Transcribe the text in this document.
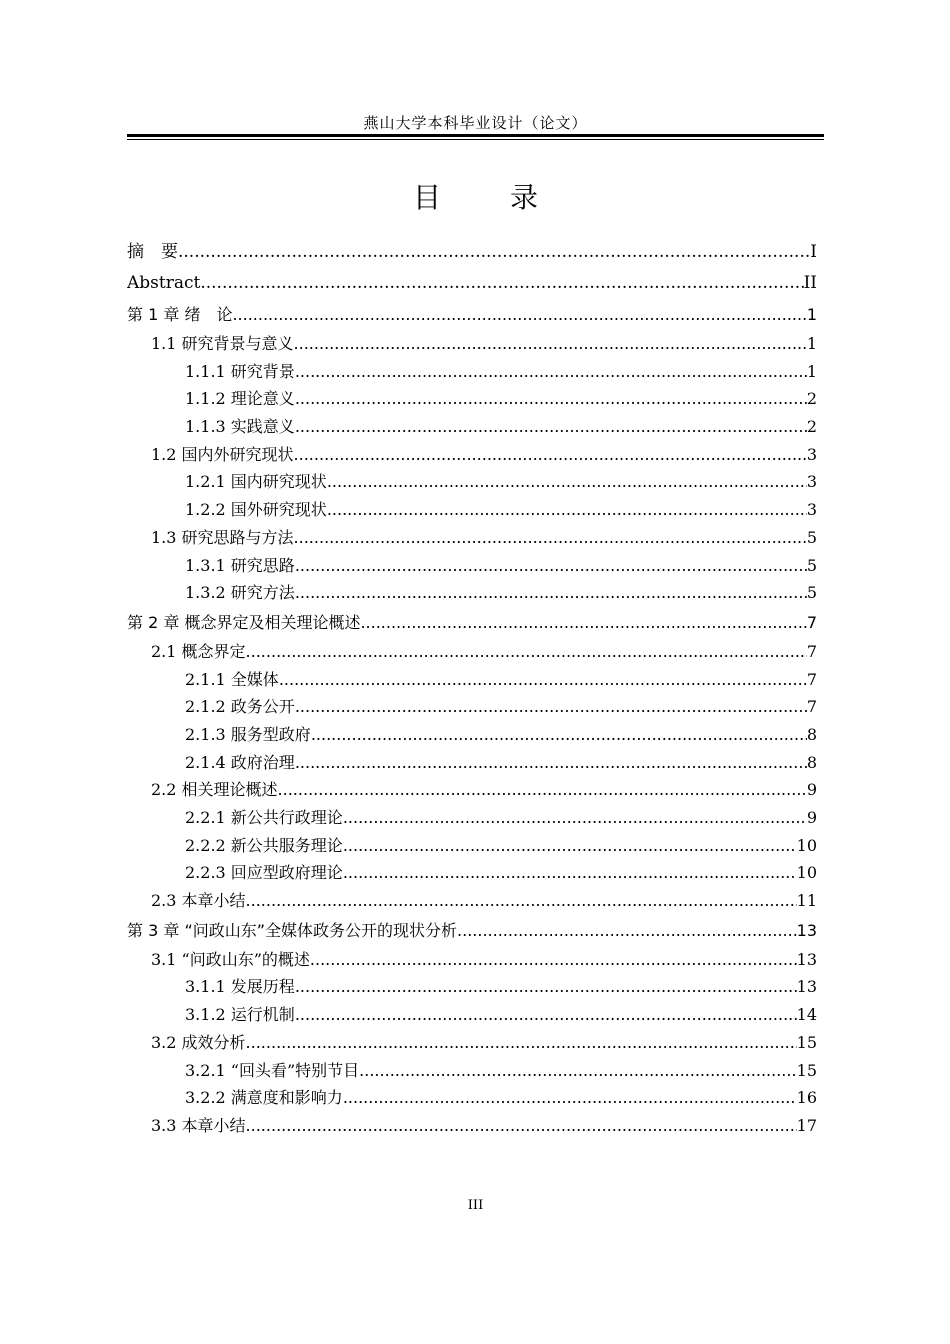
燕山大学本科毕业设计（论文）
目 录
摘　要 .....	I
Abstract .....	II
第 1 章 绪　论 .....	1
1.1 研究背景与意义 .....	1
1.1.1 研究背景 .....	1
1.1.2 理论意义 .....	2
1.1.3 实践意义 .....	2
1.2 国内外研究现状 .....	3
1.2.1 国内研究现状 .....	3
1.2.2 国外研究现状 .....	3
1.3 研究思路与方法 .....	5
1.3.1 研究思路 .....	5
1.3.2 研究方法 .....	5
第 2 章 概念界定及相关理论概述 .....	7
2.1 概念界定 .....	7
2.1.1 全媒体 .....	7
2.1.2 政务公开 .....	7
2.1.3 服务型政府 .....	8
2.1.4 政府治理 .....	8
2.2 相关理论概述 .....	9
2.2.1 新公共行政理论 .....	9
2.2.2 新公共服务理论 .....	10
2.2.3 回应型政府理论 .....	10
2.3 本章小结 .....	11
第 3 章 “问政山东”全媒体政务公开的现状分析 .....	13
3.1 “问政山东”的概述 .....	13
3.1.1 发展历程 .....	13
3.1.2 运行机制 .....	14
3.2 成效分析 .....	15
3.2.1 “回头看”特别节目 .....	15
3.2.2 满意度和影响力 .....	16
3.3 本章小结 .....	17
III
